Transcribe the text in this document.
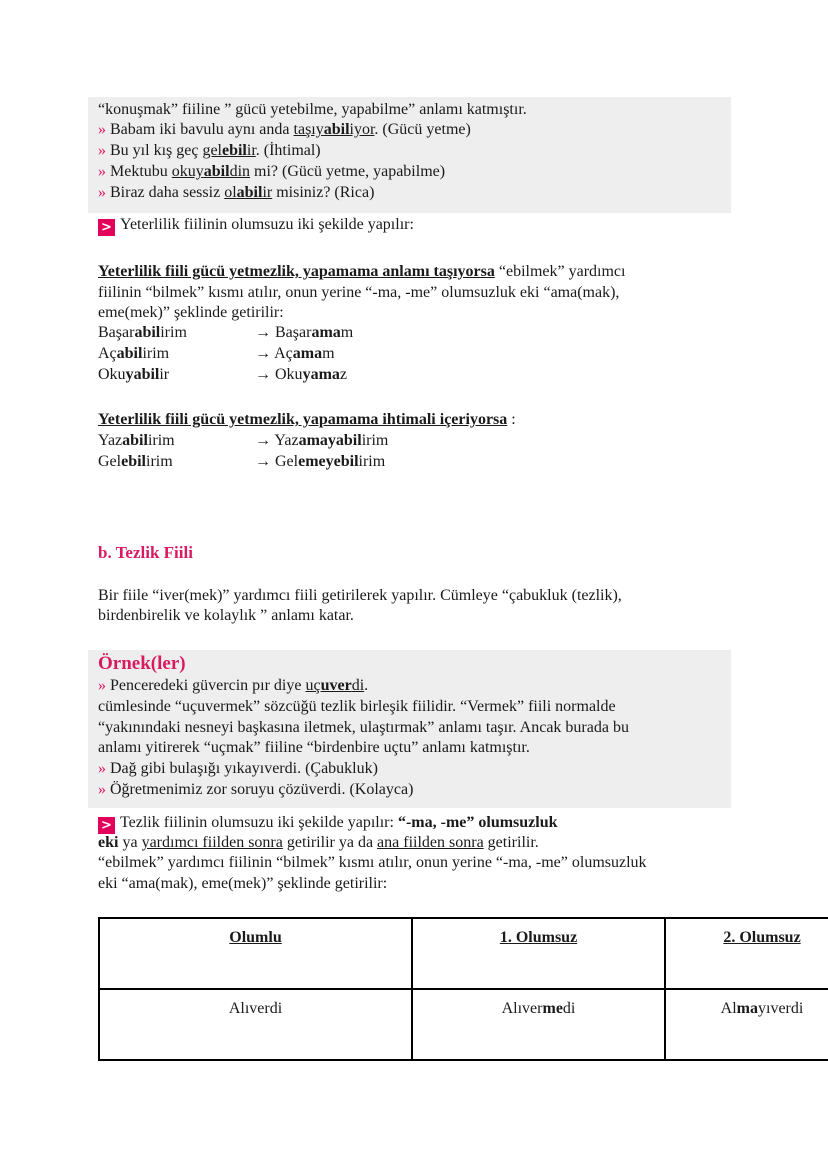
“konuşmak” fiiline ” gücü yetebilme, yapabilme” anlamı katmıştır.
» Babam iki bavulu aynı anda taşıyabiliyor. (Gücü yetme)
» Bu yıl kış geç gelebilir. (İhtimal)
» Mektubu okuyabildin mi? (Gücü yetme, yapabilme)
» Biraz daha sessiz olabilir misiniz? (Rica)
> Yeterlilik fiilinin olumsuzu iki şekilde yapılır:
Yeterlilik fiili gücü yetmezlik, yapamama anlamı taşıyorsa “ebilmek” yardımcı
fiilinin “bilmek” kısmı atılır, onun yerine “-ma, -me” olumsuzluk eki “ama(mak),
eme(mek)” şeklinde getirilir:
Başarabilirim	→ Başaramam
Açabilirim	→ Açamam
Okuyabilir	→ Okuyamaz
Yeterlilik fiili gücü yetmezlik, yapamama ihtimali içeriyorsa :
Yazabilirim	→ Yazamayabilirim
Gelebilirim	→ Gelemeyebilirim
b. Tezlik Fiili
Bir fiile “iver(mek)” yardımcı fiili getirilerek yapılır. Cümleye “çabukluk (tezlik),
birdenbirelik ve kolaylık ” anlamı katar.
Örnek(ler)
» Penceredeki güvercin pır diye uçuverdi.
cümlesinde “uçuvermek” sözcüğü tezlik birleşik fiilidir. “Vermek” fiili normalde
“yakınındaki nesneyi başkasına iletmek, ulaştırmak” anlamı taşır. Ancak burada bu
anlamı yitirerek “uçmak” fiiline “birdenbire uçtu” anlamı katmıştır.
» Dağ gibi bulaşığı yıkayıverdi. (Çabukluk)
» Öğretmenimiz zor soruyu çözüverdi. (Kolayca)
> Tezlik fiilinin olumsuzu iki şekilde yapılır: “-ma, -me” olumsuzluk
eki ya yardımcı fiilden sonra getirilir ya da ana fiilden sonra getirilir.
“ebilmek” yardımcı fiilinin “bilmek” kısmı atılır, onun yerine “-ma, -me” olumsuzluk
eki “ama(mak), eme(mek)” şeklinde getirilir:
Olumlu	1. Olumsuz	2. Olumsuz
Alıverdi	Alıvermedi	Almayıverdi
